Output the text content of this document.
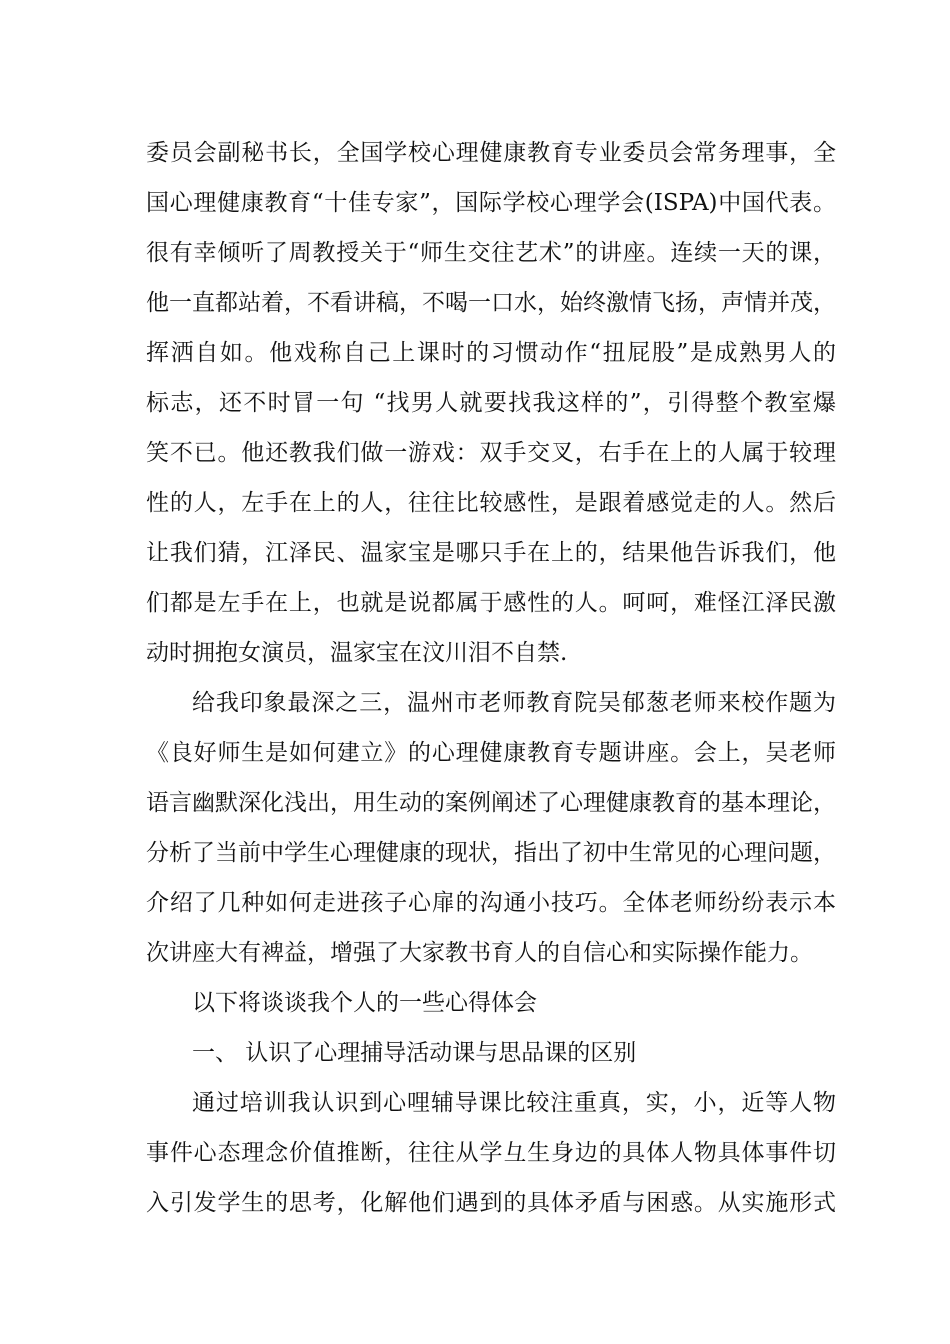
委员会副秘书长，全国学校心理健康教育专业委员会常务理事，全
国心理健康教育“十佳专家”，国际学校心理学会(ISPA)中国代表。
很有幸倾听了周教授关于“师生交往艺术”的讲座。连续一天的课，
他一直都站着，不看讲稿，不喝一口水，始终激情飞扬，声情并茂，
挥洒自如。他戏称自己上课时的习惯动作“扭屁股”是成熟男人的
标志，还不时冒一句 “找男人就要找我这样的”，引得整个教室爆
笑不已。他还教我们做一游戏：双手交叉，右手在上的人属于较理
性的人，左手在上的人，往往比较感性，是跟着感觉走的人。然后
让我们猜，江泽民、温家宝是哪只手在上的，结果他告诉我们，他
们都是左手在上，也就是说都属于感性的人。呵呵，难怪江泽民激
动时拥抱女演员，温家宝在汶川泪不自禁.
给我印象最深之三，温州市老师教育院吴郁葱老师来校作题为
《良好师生是如何建立》的心理健康教育专题讲座。会上，吴老师
语言幽默深化浅出，用生动的案例阐述了心理健康教育的基本理论，
分析了当前中学生心理健康的现状，指出了初中生常见的心理问题，
介绍了几种如何走进孩子心扉的沟通小技巧。全体老师纷纷表示本
次讲座大有裨益，增强了大家教书育人的自信心和实际操作能力。
以下将谈谈我个人的一些心得体会
一、 认识了心理捕导活动课与思品课的区别
通过培训我认识到心哩辅导课比较注重真，实，小，近等人物
事件心态理念价值推断，往往从学彑生身边的具体人物具体事件切
入引发学生的思考，化解他们遇到的具体矛盾与困惑。从实施形式
